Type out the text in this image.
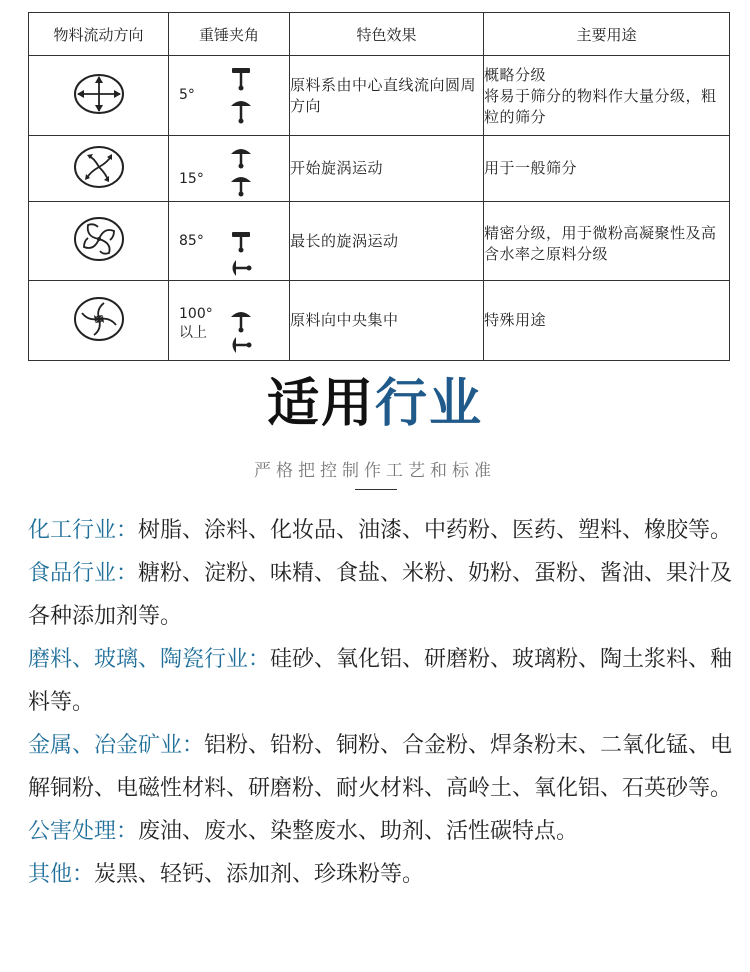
物料流动方向	重锤夹角	特色效果	主要用途

5°	原料系由中心直线流向圆周方向	概略分级
将易于筛分的物料作大量分级，粗粒的筛分

15°	开始旋涡运动	用于一般筛分

85°	最长的旋涡运动	精密分级，用于微粉高凝聚性及高含水率之原料分级

100°
以上	原料向中央集中	特殊用途
适用行业
严格把控制作工艺和标准

化工行业：树脂、涂料、化妆品、油漆、中药粉、医药、塑料、橡胶等。

食品行业：糖粉、淀粉、味精、食盐、米粉、奶粉、蛋粉、酱油、果汁及各种添加剂等。

磨料、玻璃、陶瓷行业：硅砂、氧化铝、研磨粉、玻璃粉、陶土浆料、釉料等。

金属、冶金矿业：铝粉、铅粉、铜粉、合金粉、焊条粉末、二氧化锰、电解铜粉、电磁性材料、研磨粉、耐火材料、高岭土、氧化铝、石英砂等。

公害处理：废油、废水、染整废水、助剂、活性碳特点。

其他：炭黑、轻钙、添加剂、珍珠粉等。
